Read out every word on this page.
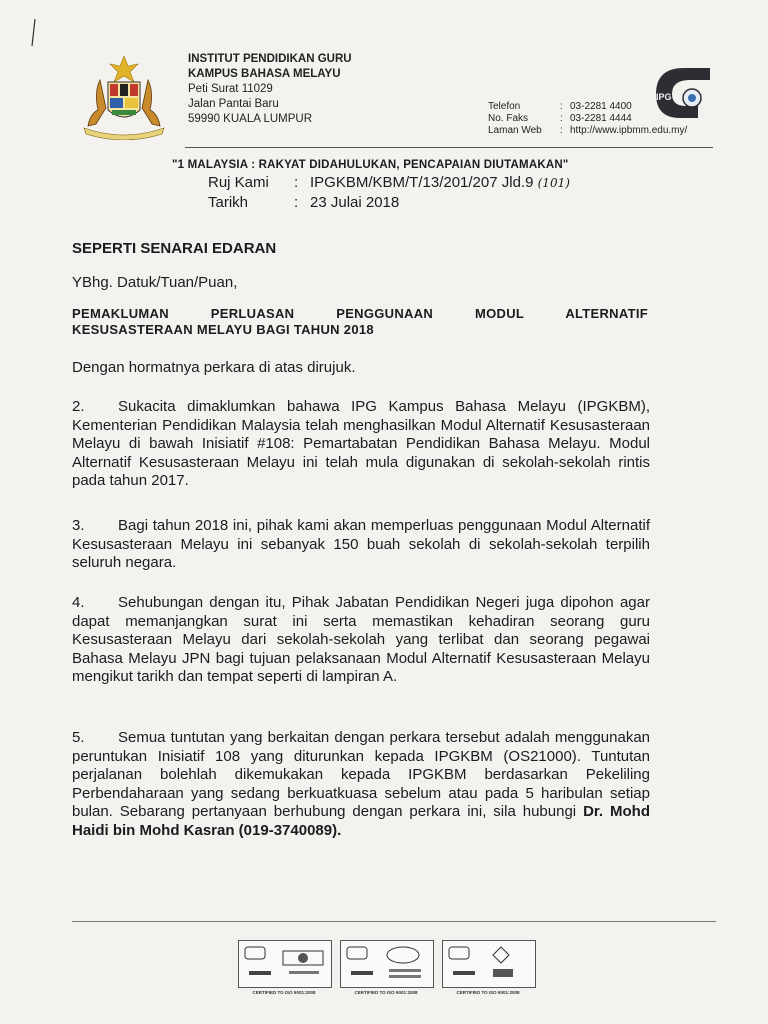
INSTITUT PENDIDIKAN GURU
KAMPUS BAHASA MELAYU
Peti Surat 11029
Jalan Pantai Baru
59990 KUALA LUMPUR
Telefon	: 03-2281 4400
No. Faks	: 03-2281 4444
Laman Web : http://www.ipbmm.edu.my/
IPG
"1 MALAYSIA : RAKYAT DIDAHULUKAN, PENCAPAIAN DIUTAMAKAN"
Ruj Kami : IPGKBM/KBM/T/13/201/207 Jld.9 (101)
Tarikh	: 23 Julai 2018
SEPERTI SENARAI EDARAN
YBhg. Datuk/Tuan/Puan,
PEMAKLUMAN PERLUASAN PENGGUNAAN MODUL ALTERNATIF
KESUSASTERAAN MELAYU BAGI TAHUN 2018
Dengan hormatnya perkara di atas dirujuk.
2. Sukacita dimaklumkan bahawa IPG Kampus Bahasa Melayu (IPGKBM), Kementerian Pendidikan Malaysia telah menghasilkan Modul Alternatif Kesusasteraan Melayu di bawah Inisiatif #108: Pemartabatan Pendidikan Bahasa Melayu. Modul Alternatif Kesusasteraan Melayu ini telah mula digunakan di sekolah-sekolah rintis pada tahun 2017.
3. Bagi tahun 2018 ini, pihak kami akan memperluas penggunaan Modul Alternatif Kesusasteraan Melayu ini sebanyak 150 buah sekolah di sekolah-sekolah terpilih seluruh negara.
4. Sehubungan dengan itu, Pihak Jabatan Pendidikan Negeri juga dipohon agar dapat memanjangkan surat ini serta memastikan kehadiran seorang guru Kesusasteraan Melayu dari sekolah-sekolah yang terlibat dan seorang pegawai Bahasa Melayu JPN bagi tujuan pelaksanaan Modul Alternatif Kesusasteraan Melayu mengikut tarikh dan tempat seperti di lampiran A.
5. Semua tuntutan yang berkaitan dengan perkara tersebut adalah menggunakan peruntukan Inisiatif 108 yang diturunkan kepada IPGKBM (OS21000). Tuntutan perjalanan bolehlah dikemukakan kepada IPGKBM berdasarkan Pekeliling Perbendaharaan yang sedang berkuatkuasa sebelum atau pada 5 haribulan setiap bulan. Sebarang pertanyaan berhubung dengan perkara ini, sila hubungi Dr. Mohd Haidi bin Mohd Kasran (019-3740089).
CERTIFIED TO ISO 9001:2008	CERTIFIED TO ISO 9001:2008	CERTIFIED TO ISO 9001:2008
